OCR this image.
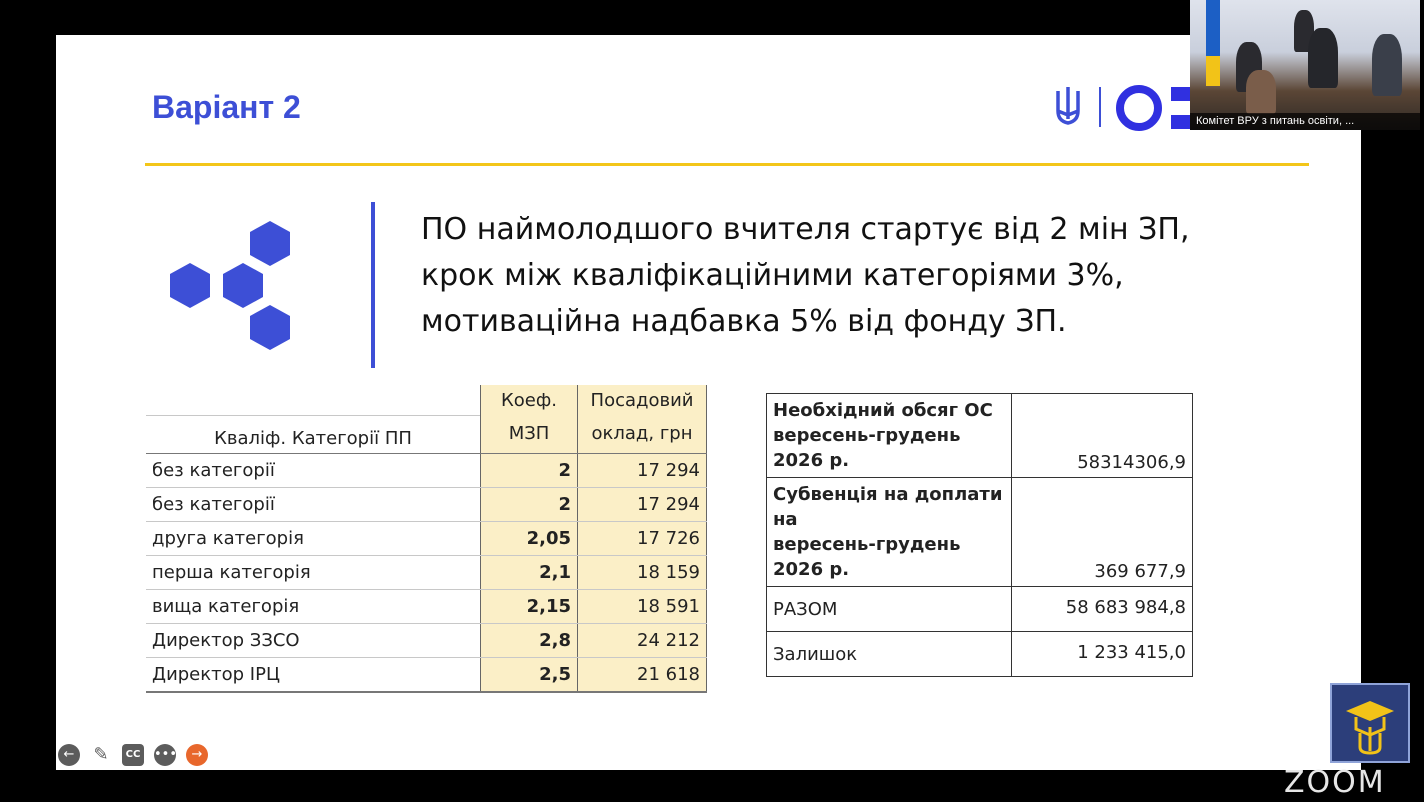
Варіант 2
ПО наймолодшого вчителя стартує від 2 мін ЗП,
крок між кваліфікаційними категоріями 3%,
мотиваційна надбавка 5% від фонду ЗП.
	Коеф.	Посадовий
Кваліф. Категорії ПП	МЗП	оклад, грн
без категорії	2	17 294
без категорії	2	17 294
друга категорія	2,05	17 726
перша категорія	2,1	18 159
вища категорія	2,15	18 591
Директор ЗЗСО	2,8	24 212
Директор ІРЦ	2,5	21 618
Необхідний обсяг ОС
вересень-грудень 2026 р.	58314306,9

Субвенція на доплати на
вересень-грудень 2026 р.	369 677,9
РАЗОМ	58 683 984,8
Залишок	1 233 415,0
ZOOM
←	✎	CC •••	→
Комітет ВРУ з питань освіти, ...
